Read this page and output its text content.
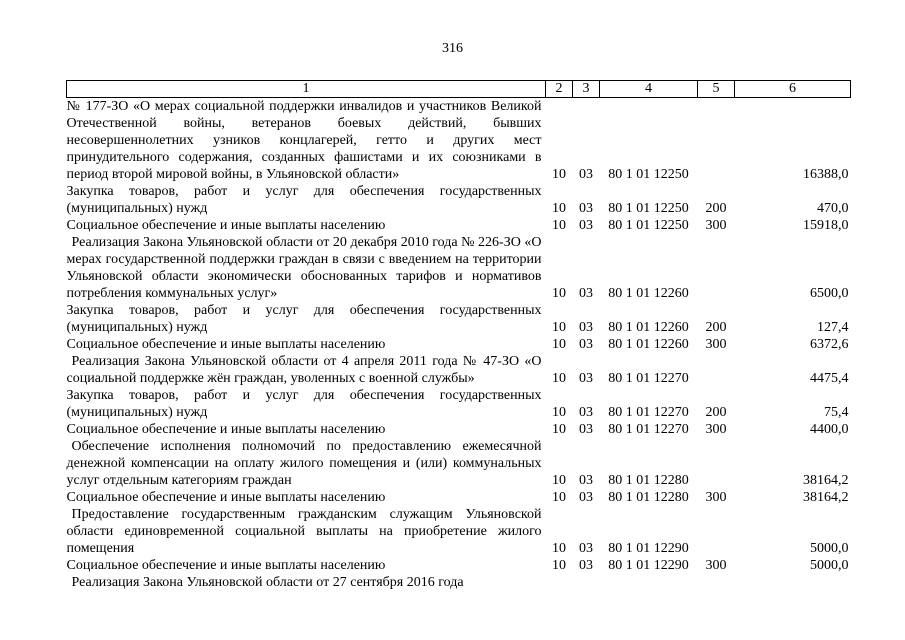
316
1	2	3	4	5	6
№ 177-ЗО «О мерах социальной поддержки инвалидов и участников Великой Отечественной войны, ветеранов боевых действий, бывших несовершеннолетних узников концлагерей, гетто и других мест принудительного содержания, созданных фашистами и их союзниками в период второй мировой войны, в Ульяновской области»	10	03	80 1 01 12250		16388,0
Закупка товаров, работ и услуг для обеспечения государственных (муниципальных) нужд	10	03	80 1 01 12250	200	470,0
Социальное обеспечение и иные выплаты населению	10	03	80 1 01 12250	300	15918,0
Реализация Закона Ульяновской области от 20 декабря 2010 года № 226-ЗО «О мерах государственной поддержки граждан в связи с введением на территории Ульяновской области экономически обоснованных тарифов и нормативов потребления коммунальных услуг»	10	03	80 1 01 12260		6500,0
Закупка товаров, работ и услуг для обеспечения государственных (муниципальных) нужд	10	03	80 1 01 12260	200	127,4
Социальное обеспечение и иные выплаты населению	10	03	80 1 01 12260	300	6372,6
Реализация Закона Ульяновской области от 4 апреля 2011 года № 47-ЗО «О социальной поддержке жён граждан, уволенных с военной службы»	10	03	80 1 01 12270		4475,4
Закупка товаров, работ и услуг для обеспечения государственных (муниципальных) нужд	10	03	80 1 01 12270	200	75,4
Социальное обеспечение и иные выплаты населению	10	03	80 1 01 12270	300	4400,0
Обеспечение исполнения полномочий по предоставлению ежемесячной денежной компенсации на оплату жилого помещения и (или) коммунальных услуг отдельным категориям граждан	10	03	80 1 01 12280		38164,2
Социальное обеспечение и иные выплаты населению	10	03	80 1 01 12280	300	38164,2
Предоставление государственным гражданским служащим Ульяновской области единовременной социальной выплаты на приобретение жилого помещения	10	03	80 1 01 12290		5000,0
Социальное обеспечение и иные выплаты населению	10	03	80 1 01 12290	300	5000,0
Реализация Закона Ульяновской области от 27 сентября 2016 года					
